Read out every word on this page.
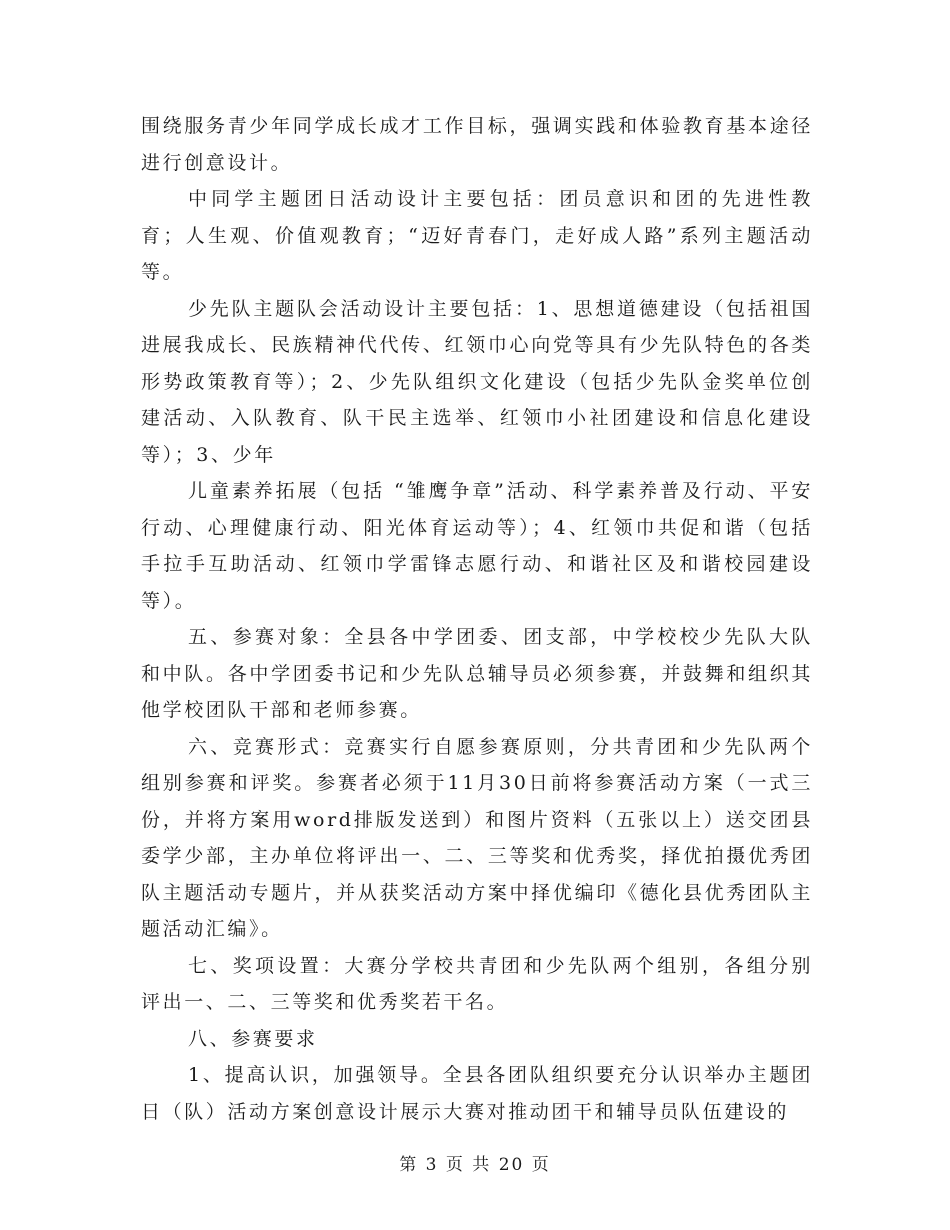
围绕服务青少年同学成长成才工作目标，强调实践和体验教育基本途径进行创意设计。

中同学主题团日活动设计主要包括：团员意识和团的先进性教育；人生观、价值观教育；“迈好青春门，走好成人路”系列主题活动等。

少先队主题队会活动设计主要包括：1、思想道德建设（包括祖国进展我成长、民族精神代代传、红领巾心向党等具有少先队特色的各类形势政策教育等）；2、少先队组织文化建设（包括少先队金奖单位创建活动、入队教育、队干民主选举、红领巾小社团建设和信息化建设等）；3、少年

儿童素养拓展（包括 “雏鹰争章”活动、科学素养普及行动、平安行动、心理健康行动、阳光体育运动等）；4、红领巾共促和谐（包括手拉手互助活动、红领巾学雷锋志愿行动、和谐社区及和谐校园建设等）。

五、参赛对象：全县各中学团委、团支部，中学校校少先队大队和中队。各中学团委书记和少先队总辅导员必须参赛，并鼓舞和组织其他学校团队干部和老师参赛。

六、竞赛形式：竞赛实行自愿参赛原则，分共青团和少先队两个组别参赛和评奖。参赛者必须于11月30日前将参赛活动方案（一式三份，并将方案用word排版发送到）和图片资料（五张以上）送交团县委学少部，主办单位将评出一、二、三等奖和优秀奖，择优拍摄优秀团队主题活动专题片，并从获奖活动方案中择优编印《德化县优秀团队主题活动汇编》。

七、奖项设置：大赛分学校共青团和少先队两个组别，各组分别评出一、二、三等奖和优秀奖若干名。

八、参赛要求

1、提高认识，加强领导。全县各团队组织要充分认识举办主题团日（队）活动方案创意设计展示大赛对推动团干和辅导员队伍建设的

第 3 页 共 20 页
